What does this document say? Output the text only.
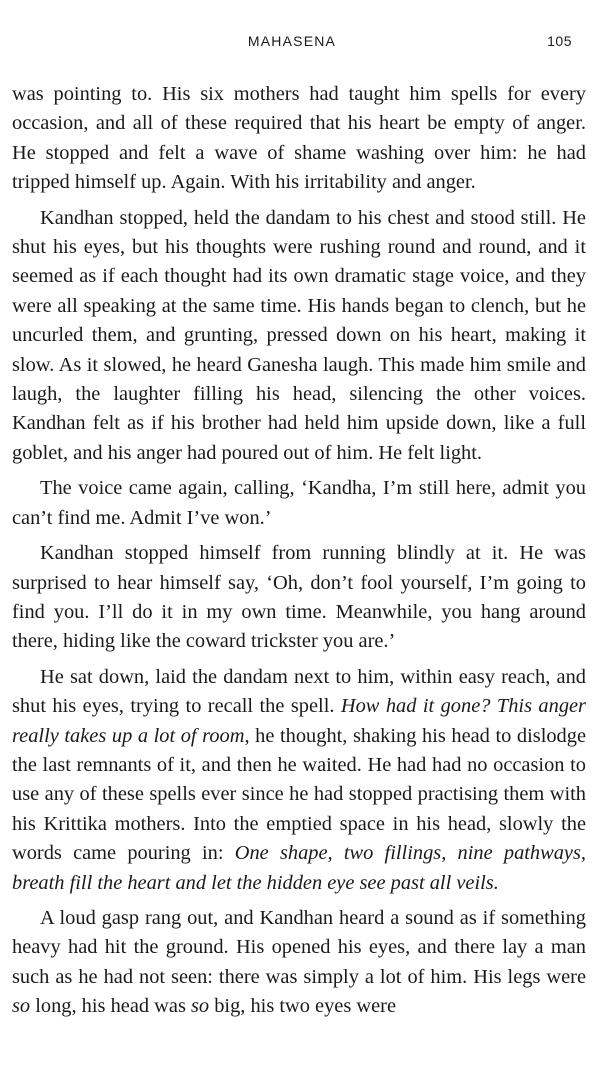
MAHASENA	105

was pointing to. His six mothers had taught him spells for every occasion, and all of these required that his heart be empty of anger. He stopped and felt a wave of shame washing over him: he had tripped himself up. Again. With his irritability and anger.

Kandhan stopped, held the dandam to his chest and stood still. He shut his eyes, but his thoughts were rushing round and round, and it seemed as if each thought had its own dramatic stage voice, and they were all speaking at the same time. His hands began to clench, but he uncurled them, and grunting, pressed down on his heart, making it slow. As it slowed, he heard Ganesha laugh. This made him smile and laugh, the laughter filling his head, silencing the other voices. Kandhan felt as if his brother had held him upside down, like a full goblet, and his anger had poured out of him. He felt light.

The voice came again, calling, ‘Kandha, I’m still here, admit you can’t find me. Admit I’ve won.’

Kandhan stopped himself from running blindly at it. He was surprised to hear himself say, ‘Oh, don’t fool yourself, I’m going to find you. I’ll do it in my own time. Meanwhile, you hang around there, hiding like the coward trickster you are.’

He sat down, laid the dandam next to him, within easy reach, and shut his eyes, trying to recall the spell. How had it gone? This anger really takes up a lot of room, he thought, shaking his head to dislodge the last remnants of it, and then he waited. He had had no occasion to use any of these spells ever since he had stopped practising them with his Krittika mothers. Into the emptied space in his head, slowly the words came pouring in: One shape, two fillings, nine pathways, breath fill the heart and let the hidden eye see past all veils.

A loud gasp rang out, and Kandhan heard a sound as if something heavy had hit the ground. His opened his eyes, and there lay a man such as he had not seen: there was simply a lot of him. His legs were so long, his head was so big, his two eyes were
